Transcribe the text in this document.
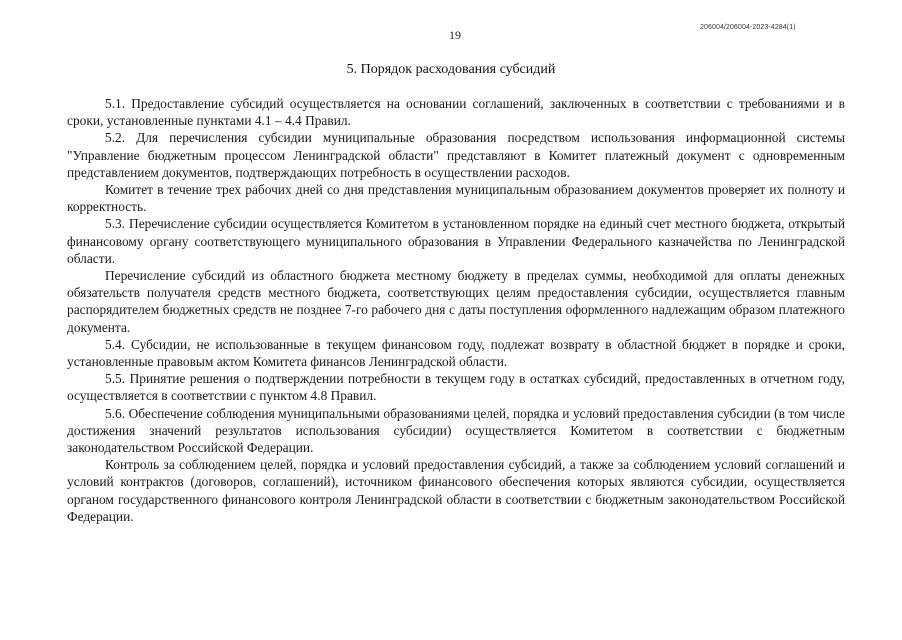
19
206004/206004-2023-4284(1)
5. Порядок расходования субсидий

5.1. Предоставление субсидий осуществляется на основании соглашений, заключенных в соответствии с требованиями и в сроки, установленные пунктами 4.1 – 4.4 Правил.

5.2. Для перечисления субсидии муниципальные образования посредством использования информационной системы "Управление бюджетным процессом Ленинградской области" представляют в Комитет платежный документ с одновременным представлением документов, подтверждающих потребность в осуществлении расходов.

Комитет в течение трех рабочих дней со дня представления муниципальным образованием документов проверяет их полноту и корректность.

5.3. Перечисление субсидии осуществляется Комитетом в установленном порядке на единый счет местного бюджета, открытый финансовому органу соответствующего муниципального образования в Управлении Федерального казначейства по Ленинградской области.

Перечисление субсидий из областного бюджета местному бюджету в пределах суммы, необходимой для оплаты денежных обязательств получателя средств местного бюджета, соответствующих целям предоставления субсидии, осуществляется главным распорядителем бюджетных средств не позднее 7-го рабочего дня с даты поступления оформленного надлежащим образом платежного документа.

5.4. Субсидии, не использованные в текущем финансовом году, подлежат возврату в областной бюджет в порядке и сроки, установленные правовым актом Комитета финансов Ленинградской области.

5.5. Принятие решения о подтверждении потребности в текущем году в остатках субсидий, предоставленных в отчетном году, осуществляется в соответствии с пунктом 4.8 Правил.

5.6. Обеспечение соблюдения муниципальными образованиями целей, порядка и условий предоставления субсидии (в том числе достижения значений результатов использования субсидии) осуществляется Комитетом в соответствии с бюджетным законодательством Российской Федерации.

Контроль за соблюдением целей, порядка и условий предоставления субсидий, а также за соблюдением условий соглашений и условий контрактов (договоров, соглашений), источником финансового обеспечения которых являются субсидии, осуществляется органом государственного финансового контроля Ленинградской области в соответствии с бюджетным законодательством Российской Федерации.
